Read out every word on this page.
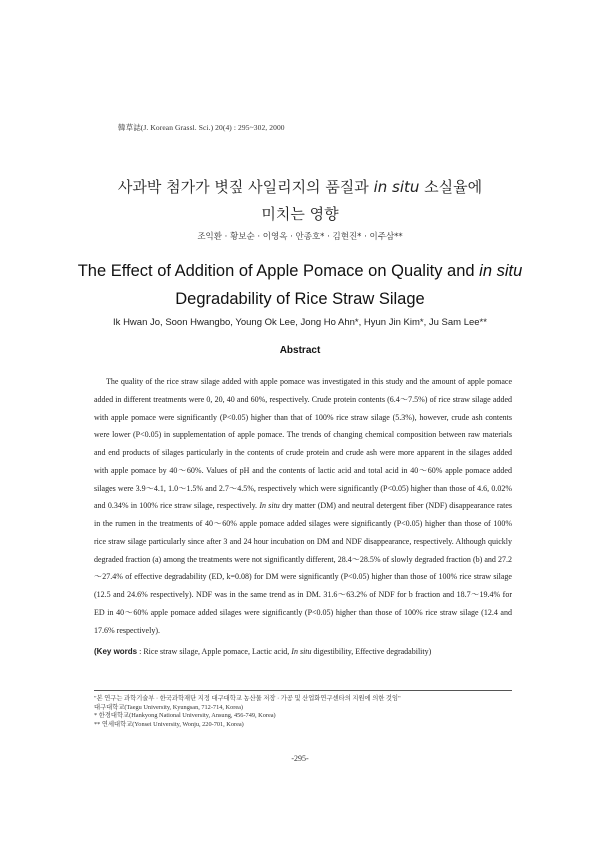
韓草誌(J. Korean Grassl. Sci.) 20(4) : 295~302, 2000
사과박 첨가가 볏짚 사일리지의 품질과 in situ 소실율에
미치는 영향
조익환 · 황보순 · 이영옥 · 안종호* · 김현진* · 이주삼**
The Effect of Addition of Apple Pomace on Quality and in situ
Degradability of Rice Straw Silage
Ik Hwan Jo, Soon Hwangbo, Young Ok Lee, Jong Ho Ahn*, Hyun Jin Kim*, Ju Sam Lee**
Abstract

The quality of the rice straw silage added with apple pomace was investigated in this study and the amount of apple pomace added in different treatments were 0, 20, 40 and 60%, respectively. Crude protein contents (6.4～7.5%) of rice straw silage added with apple pomace were significantly (P<0.05) higher than that of 100% rice straw silage (5.3%), however, crude ash contents were lower (P<0.05) in supplementation of apple pomace. The trends of changing chemical composition between raw materials and end products of silages particularly in the contents of crude protein and crude ash were more apparent in the silages added with apple pomace by 40～60%. Values of pH and the contents of lactic acid and total acid in 40～60% apple pomace added silages were 3.9～4.1, 1.0～1.5% and 2.7～4.5%, respectively which were significantly (P<0.05) higher than those of 4.6, 0.02% and 0.34% in 100% rice straw silage, respectively. In situ dry matter (DM) and neutral detergent fiber (NDF) disappearance rates in the rumen in the treatments of 40～60% apple pomace added silages were significantly (P<0.05) higher than those of 100% rice straw silage particularly since after 3 and 24 hour incubation on DM and NDF disappearance, respectively. Although quickly degraded fraction (a) among the treatments were not significantly different, 28.4～28.5% of slowly degraded fraction (b) and 27.2～27.4% of effective degradability (ED, k=0.08) for DM were significantly (P<0.05) higher than those of 100% rice straw silage (12.5 and 24.6% respectively). NDF was in the same trend as in DM. 31.6～63.2% of NDF for b fraction and 18.7～19.4% for ED in 40～60% apple pomace added silages were significantly (P<0.05) higher than those of 100% rice straw silage (12.4 and 17.6% respectively).

(Key words : Rice straw silage, Apple pomace, Lactic acid, In situ digestibility, Effective degradability)
"본 연구는 과학기술부 · 한국과학재단 지정 대구대학교 농산물 저장 · 가공 및 산업화연구센타의 지원에 의한 것임"
대구대학교(Taegu University, Kyungsan, 712-714, Korea)
* 한경대학교(Hankyong National University, Ansung, 456-749, Korea)
** 연세대학교(Yonsei University, Wonju, 220-701, Korea)
-295-
